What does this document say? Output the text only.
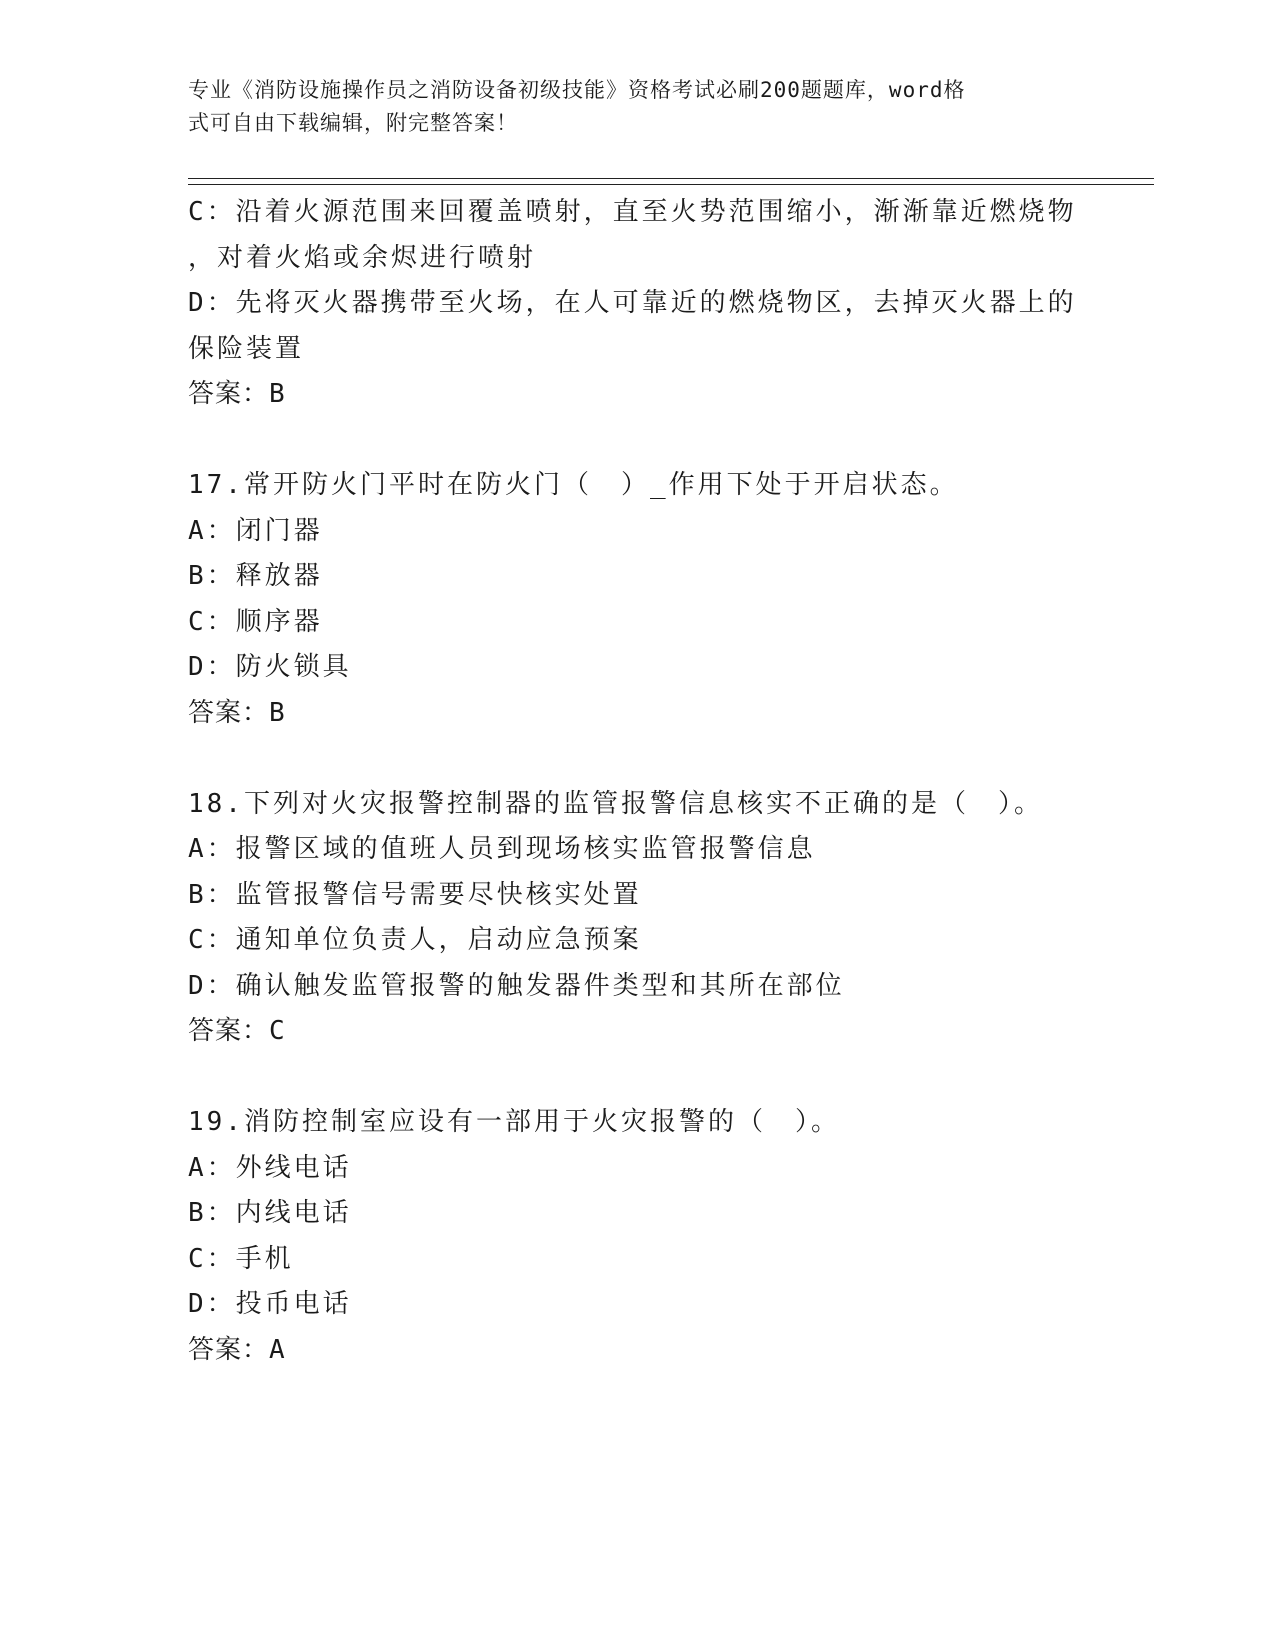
专业《消防设施操作员之消防设备初级技能》资格考试必刷200题题库，word格
式可自由下载编辑，附完整答案！
C：沿着火源范围来回覆盖喷射，直至火势范围缩小，渐渐靠近燃烧物
，对着火焰或余烬进行喷射
D：先将灭火器携带至火场，在人可靠近的燃烧物区，去掉灭火器上的
保险装置
答案：B
17.常开防火门平时在防火门（　）_作用下处于开启状态。
A：闭门器
B：释放器
C：顺序器
D：防火锁具
答案：B
18.下列对火灾报警控制器的监管报警信息核实不正确的是（　）。
A：报警区域的值班人员到现场核实监管报警信息
B：监管报警信号需要尽快核实处置
C：通知单位负责人，启动应急预案
D：确认触发监管报警的触发器件类型和其所在部位
答案：C
19.消防控制室应设有一部用于火灾报警的（　）。
A：外线电话
B：内线电话
C：手机
D：投币电话
答案：A
